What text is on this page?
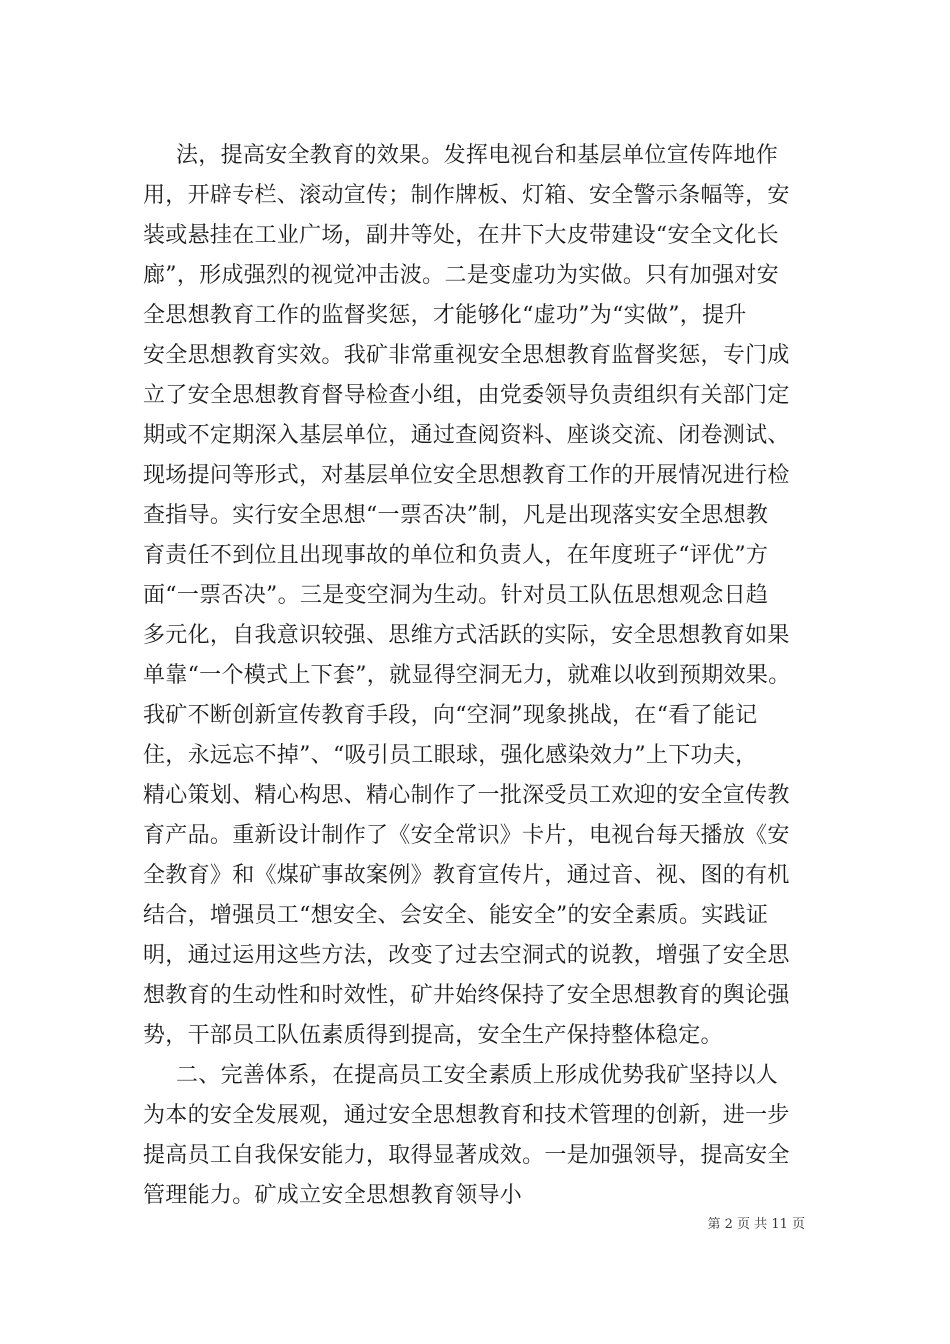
法，提高安全教育的效果。发挥电视台和基层单位宣传阵地作
用，开辟专栏、滚动宣传；制作牌板、灯箱、安全警示条幅等，安
装或悬挂在工业广场，副井等处，在井下大皮带建设“安全文化长
廊”，形成强烈的视觉冲击波。二是变虚功为实做。只有加强对安
全思想教育工作的监督奖惩，才能够化“虚功”为“实做”，提升
安全思想教育实效。我矿非常重视安全思想教育监督奖惩，专门成
立了安全思想教育督导检查小组，由党委领导负责组织有关部门定
期或不定期深入基层单位，通过查阅资料、座谈交流、闭卷测试、
现场提问等形式，对基层单位安全思想教育工作的开展情况进行检
查指导。实行安全思想“一票否决”制，凡是出现落实安全思想教
育责任不到位且出现事故的单位和负责人，在年度班子“评优”方
面“一票否决”。三是变空洞为生动。针对员工队伍思想观念日趋
多元化，自我意识较强、思维方式活跃的实际，安全思想教育如果
单靠“一个模式上下套”，就显得空洞无力，就难以收到预期效果。
我矿不断创新宣传教育手段，向“空洞”现象挑战，在“看了能记
住，永远忘不掉”、“吸引员工眼球，强化感染效力”上下功夫，
精心策划、精心构思、精心制作了一批深受员工欢迎的安全宣传教
育产品。重新设计制作了《安全常识》卡片，电视台每天播放《安
全教育》和《煤矿事故案例》教育宣传片，通过音、视、图的有机
结合，增强员工“想安全、会安全、能安全”的安全素质。实践证
明，通过运用这些方法，改变了过去空洞式的说教，增强了安全思
想教育的生动性和时效性，矿井始终保持了安全思想教育的舆论强
势，干部员工队伍素质得到提高，安全生产保持整体稳定。
二、完善体系，在提高员工安全素质上形成优势我矿坚持以人
为本的安全发展观，通过安全思想教育和技术管理的创新，进一步
提高员工自我保安能力，取得显著成效。一是加强领导，提高安全
管理能力。矿成立安全思想教育领导小
第 2 页 共 11 页
